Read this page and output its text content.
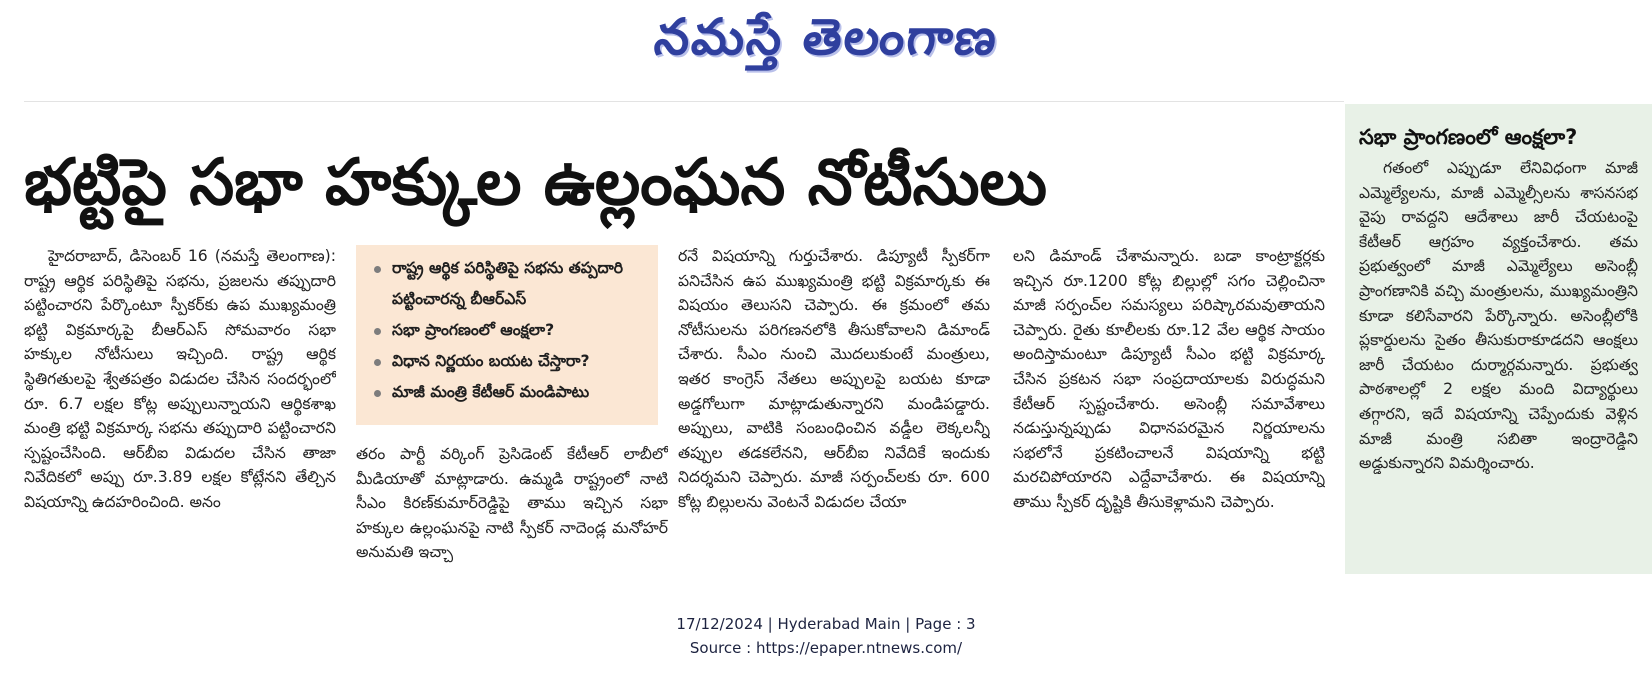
నమస్తే తెలంగాణ
భట్టిపై సభా హక్కుల ఉల్లంఘన నోటీసులు

హైదరాబాద్, డిసెంబర్ 16 (నమస్తే తెలంగాణ): రాష్ట్ర ఆర్థిక పరిస్థితిపై సభను, ప్రజలను తప్పుదారి పట్టించారని పేర్కొంటూ స్పీకర్‌కు ఉప ముఖ్యమంత్రి భట్టి విక్రమార్కపై బీఆర్‌ఎస్ సోమవారం సభా హక్కుల నోటీసులు ఇచ్చింది. రాష్ట్ర ఆర్థిక స్థితిగతులపై శ్వేతపత్రం విడుదల చేసిన సందర్భంలో రూ. 6.7 లక్షల కోట్ల అప్పులున్నాయని ఆర్థికశాఖ మంత్రి భట్టి విక్రమార్క సభను తప్పుదారి పట్టించారని స్పష్టంచేసింది. ఆర్‌బీఐ విడుదల చేసిన తాజా నివేదికలో అప్పు రూ.3.89 లక్షల కోట్లేనని తేల్చిన విషయాన్ని ఉదహరించింది. అనం

రాష్ట్ర ఆర్థిక పరిస్థితిపై సభను తప్పదారి పట్టించారన్న బీఆర్‌ఎస్
సభా ప్రాంగణంలో ఆంక్షలా?
విధాన నిర్ణయం బయట చేస్తారా?
మాజీ మంత్రి కేటీఆర్ మండిపాటు

తరం పార్టీ వర్కింగ్ ప్రెసిడెంట్ కేటీఆర్ లాబీలో మీడియాతో మాట్లాడారు. ఉమ్మడి రాష్ట్రంలో నాటి సీఎం కిరణ్‌కుమార్‌రెడ్డిపై తాము ఇచ్చిన సభా హక్కుల ఉల్లంఘనపై నాటి స్పీకర్ నాదెండ్ల మనోహర్ అనుమతి ఇచ్చా

రనే విషయాన్ని గుర్తుచేశారు. డిప్యూటీ స్పీకర్‌గా పనిచేసిన ఉప ముఖ్యమంత్రి భట్టి విక్రమార్కకు ఈ విషయం తెలుసని చెప్పారు. ఈ క్రమంలో తమ నోటీసులను పరిగణనలోకి తీసుకోవాలని డిమాండ్ చేశారు. సీఎం నుంచి మొదలుకుంటే మంత్రులు, ఇతర కాంగ్రెస్ నేతలు అప్పులపై బయట కూడా అడ్డగోలుగా మాట్లాడుతున్నారని మండిపడ్డారు. అప్పులు, వాటికి సంబంధించిన వడ్డీల లెక్కలన్నీ తప్పుల తడకలేనని, ఆర్‌బీఐ నివేదికే ఇందుకు నిదర్శమని చెప్పారు. మాజీ సర్పంచ్‌లకు రూ. 600 కోట్ల బిల్లులను వెంటనే విడుదల చేయా

లని డిమాండ్ చేశామన్నారు. బడా కాంట్రాక్టర్లకు ఇచ్చిన రూ.1200 కోట్ల బిల్లుల్లో సగం చెల్లించినా మాజీ సర్పంచ్‌ల సమస్యలు పరిష్కారమవుతాయని చెప్పారు. రైతు కూలీలకు రూ.12 వేల ఆర్థిక సాయం అందిస్తామంటూ డిప్యూటీ సీఎం భట్టి విక్రమార్క చేసిన ప్రకటన సభా సంప్రదాయాలకు విరుద్ధమని కేటీఆర్ స్పష్టంచేశారు. అసెంబ్లీ సమావేశాలు నడుస్తున్నప్పుడు విధానపరమైన నిర్ణయాలను సభలోనే ప్రకటించాలనే విషయాన్ని భట్టి మరచిపోయారని ఎద్దేవాచేశారు. ఈ విషయాన్ని తాము స్పీకర్ దృష్టికి తీసుకెళ్లామని చెప్పారు.

సభా ప్రాంగణంలో ఆంక్షలా?

గతంలో ఎప్పుడూ లేనివిధంగా మాజీ ఎమ్మెల్యేలను, మాజీ ఎమ్మెల్సీలను శాసనసభ వైపు రావద్దని ఆదేశాలు జారీ చేయటంపై కేటీఆర్ ఆగ్రహం వ్యక్తంచేశారు. తమ ప్రభుత్వంలో మాజీ ఎమ్మెల్యేలు అసెంబ్లీ ప్రాంగణానికి వచ్చి మంత్రులను, ముఖ్యమంత్రిని కూడా కలిసేవారని పేర్కొన్నారు. అసెంబ్లీలోకి ప్లకార్డులను సైతం తీసుకురాకూడదని ఆంక్షలు జారీ చేయటం దుర్మార్గమన్నారు. ప్రభుత్వ పాఠశాలల్లో 2 లక్షల మంది విద్యార్థులు తగ్గారని, ఇదే విషయాన్ని చెప్పేందుకు వెళ్లిన మాజీ మంత్రి సబితా ఇంద్రారెడ్డిని అడ్డుకున్నారని విమర్శించారు.

17/12/2024 | Hyderabad Main | Page : 3
Source : https://epaper.ntnews.com/
